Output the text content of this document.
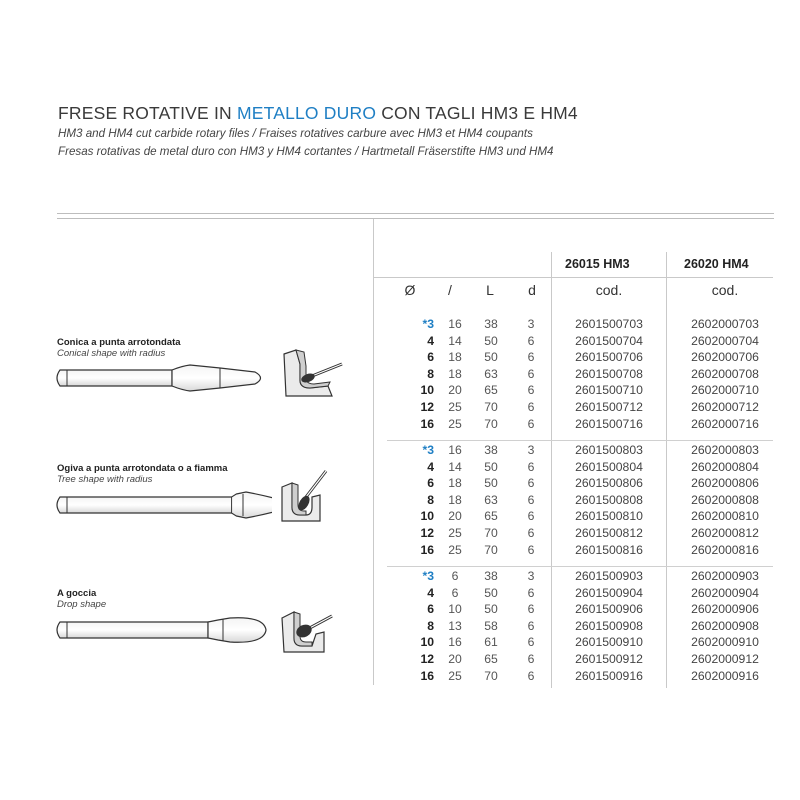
FRESE ROTATIVE IN METALLO DURO CON TAGLI HM3 E HM4
HM3 and HM4 cut carbide rotary files / Fraises rotatives carbure avec HM3 et HM4 coupants
Fresas rotativas de metal duro con HM3 y HM4 cortantes / Hartmetall Fräserstifte HM3 und HM4
26015 HM3	26020 HM4
Ø	/	L	d	cod.	cod.
Conica a punta arrotondata
Conical shape with radius
Ogiva a punta arrotondata o a fiamma
Tree shape with radius
A goccia
Drop shape
*3	16	38	3	2601500703	2602000703
4	14	50	6	2601500704	2602000704
6	18	50	6	2601500706	2602000706
8	18	63	6	2601500708	2602000708
10	20	65	6	2601500710	2602000710
12	25	70	6	2601500712	2602000712
16	25	70	6	2601500716	2602000716
*3	16	38	3	2601500803	2602000803
4	14	50	6	2601500804	2602000804
6	18	50	6	2601500806	2602000806
8	18	63	6	2601500808	2602000808
10	20	65	6	2601500810	2602000810
12	25	70	6	2601500812	2602000812
16	25	70	6	2601500816	2602000816
*3	6	38	3	2601500903	2602000903
4	6	50	6	2601500904	2602000904
6	10	50	6	2601500906	2602000906
8	13	58	6	2601500908	2602000908
10	16	61	6	2601500910	2602000910
12	20	65	6	2601500912	2602000912
16	25	70	6	2601500916	2602000916
